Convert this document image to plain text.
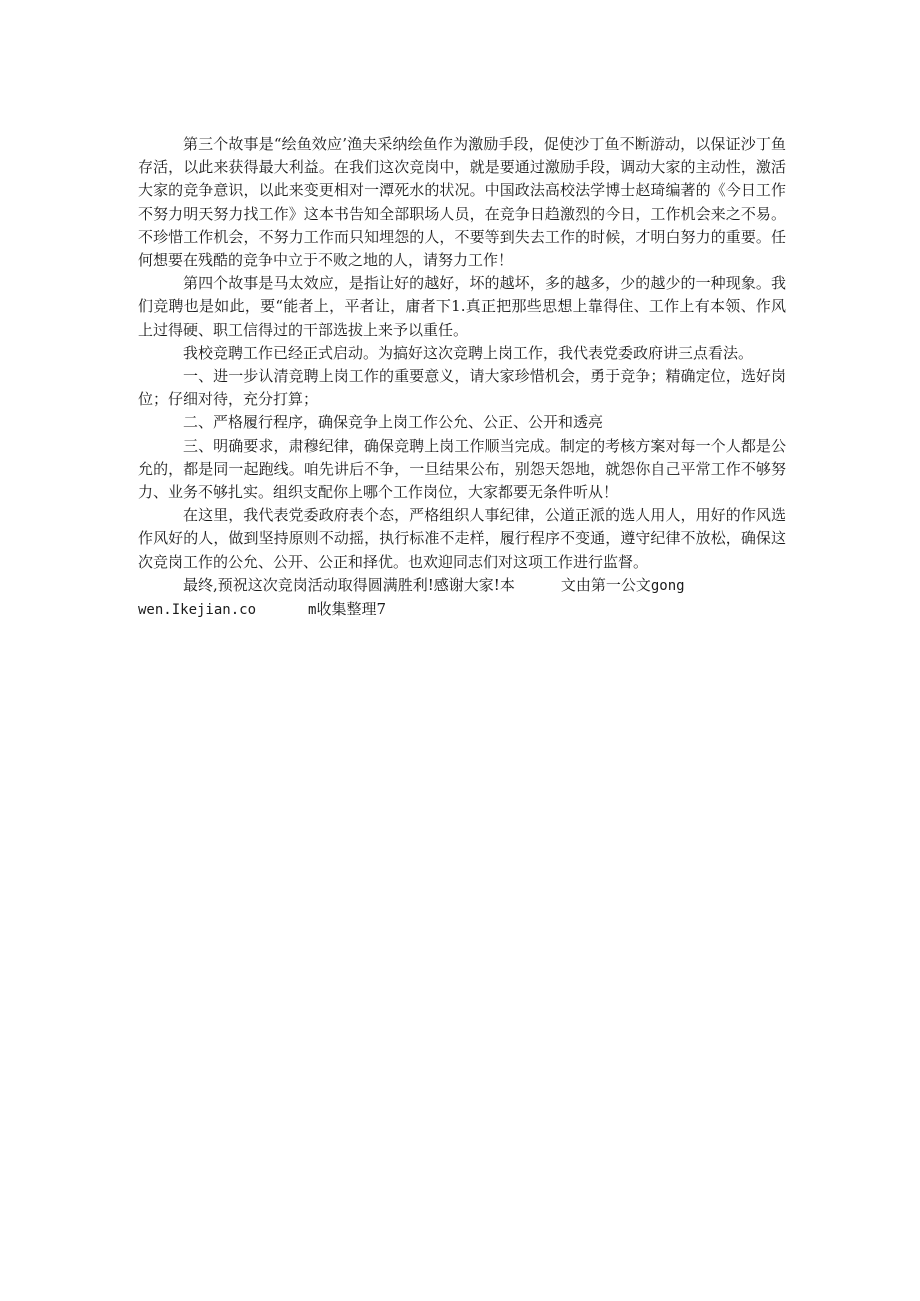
第三个故事是“绘鱼效应’渔夫采纳绘鱼作为激励手段，促使沙丁鱼不断游动，以保证沙丁鱼存活，以此来获得最大利益。在我们这次竞岗中，就是要通过激励手段，调动大家的主动性，激活大家的竞争意识，以此来变更相对一潭死水的状况。中国政法高校法学博士赵琦编著的《今日工作不努力明天努力找工作》这本书告知全部职场人员，在竞争日趋激烈的今日，工作机会来之不易。不珍惜工作机会，不努力工作而只知埋怨的人，不要等到失去工作的时候，才明白努力的重要。任何想要在残酷的竞争中立于不败之地的人，请努力工作！

第四个故事是马太效应，是指让好的越好，坏的越坏，多的越多，少的越少的一种现象。我们竞聘也是如此，要“能者上，平者让，庸者下1.真正把那些思想上靠得住、工作上有本领、作风上过得硬、职工信得过的干部选拔上来予以重任。

我校竞聘工作已经正式启动。为搞好这次竞聘上岗工作，我代表党委政府讲三点看法。

一、进一步认清竞聘上岗工作的重要意义，请大家珍惜机会，勇于竞争；精确定位，选好岗位；仔细对待，充分打算；

二、严格履行程序，确保竞争上岗工作公允、公正、公开和透亮

三、明确要求，肃穆纪律，确保竞聘上岗工作顺当完成。制定的考核方案对每一个人都是公允的，都是同一起跑线。咱先讲后不争，一旦结果公布，别怨天怨地，就怨你自己平常工作不够努力、业务不够扎实。组织支配你上哪个工作岗位，大家都要无条件听从！

在这里，我代表党委政府表个态，严格组织人事纪律，公道正派的选人用人，用好的作风选作风好的人，做到坚持原则不动摇，执行标准不走样，履行程序不变通，遵守纪律不放松，确保这次竞岗工作的公允、公开、公正和择优。也欢迎同志们对这项工作进行监督。

最终,预祝这次竞岗活动取得圆满胜利!感谢大家!本	文由第一公文gong

wen.Ikejian.co	m收集整理7
